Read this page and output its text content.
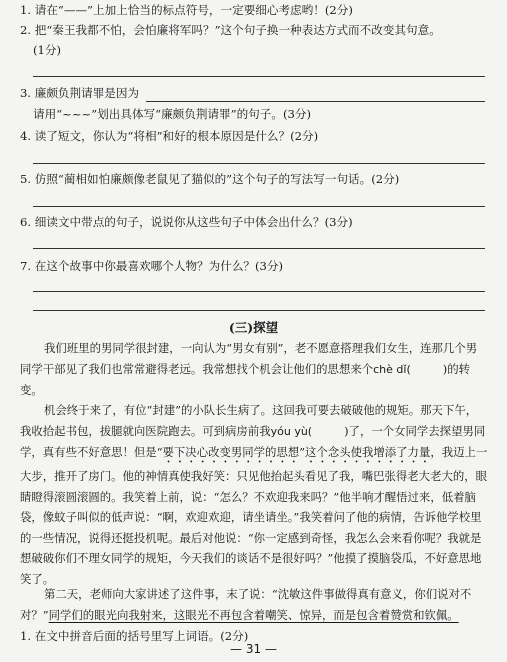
1. 请在“——”上加上恰当的标点符号，一定要细心考虑哟！(2分)
2. 把“秦王我都不怕，会怕廉将军吗？”这个句子换一种表达方式而不改变其句意。
(1分)
3. 廉颇负荆请罪是因为
请用“~~~”划出具体写“廉颇负荆请罪”的句子。(3分)
4. 读了短文，你认为“将相”和好的根本原因是什么？(2分)
5. 仿照“蔺相如怕廉颇像老鼠见了猫似的”这个句子的写法写一句话。(2分)
6. 细读文中带点的句子，说说你从这些句子中体会出什么？(3分)
7. 在这个故事中你最喜欢哪个人物？为什么？(3分)
(三)探望
我们班里的男同学很封建，一向认为“男女有别”，老不愿意搭理我们女生，连那几个男同学干部见了我们也常常避得老远。我常想找个机会让他们的思想来个chè dǐ(	)的转变。
机会终于来了，有位“封建”的小队长生病了。这回我可要去破破他的规矩。那天下午，我收拾起书包，拔腿就向医院跑去。可到病房前我yóu yù(	)了，一个女同学去探望男同学，真有些不好意思！但是“要下决心改变男同学的思想”这个念头使我增添了力量，我迈上一大步，推开了房门。他的神情真使我好笑：只见他抬起头看见了我，嘴巴张得老大老大的，眼睛瞪得滚圆滚圆的。我笑着上前，说：“怎么？不欢迎我来吗？”他半响才醒悟过来，低着脑袋，像蚊子叫似的低声说：“啊，欢迎欢迎，请坐请坐。”我笑着问了他的病情，告诉他学校里的一些情况，说得还挺投机呢。最后对他说：“你一定感到奇怪，我怎么会来看你呢？我就是想破破你们不理女同学的规矩，今天我们的谈话不是很好吗？”他摸了摸脑袋瓜，不好意思地笑了。
第二天，老师向大家讲述了这件事，末了说：“沈敏这件事做得真有意义，你们说对不对？”同学们的眼光向我射来，这眼光不再包含着嘲笑、惊异，而是包含着赞赏和钦佩。
1. 在文中拼音后面的括号里写上词语。(2分)
— 31 —
